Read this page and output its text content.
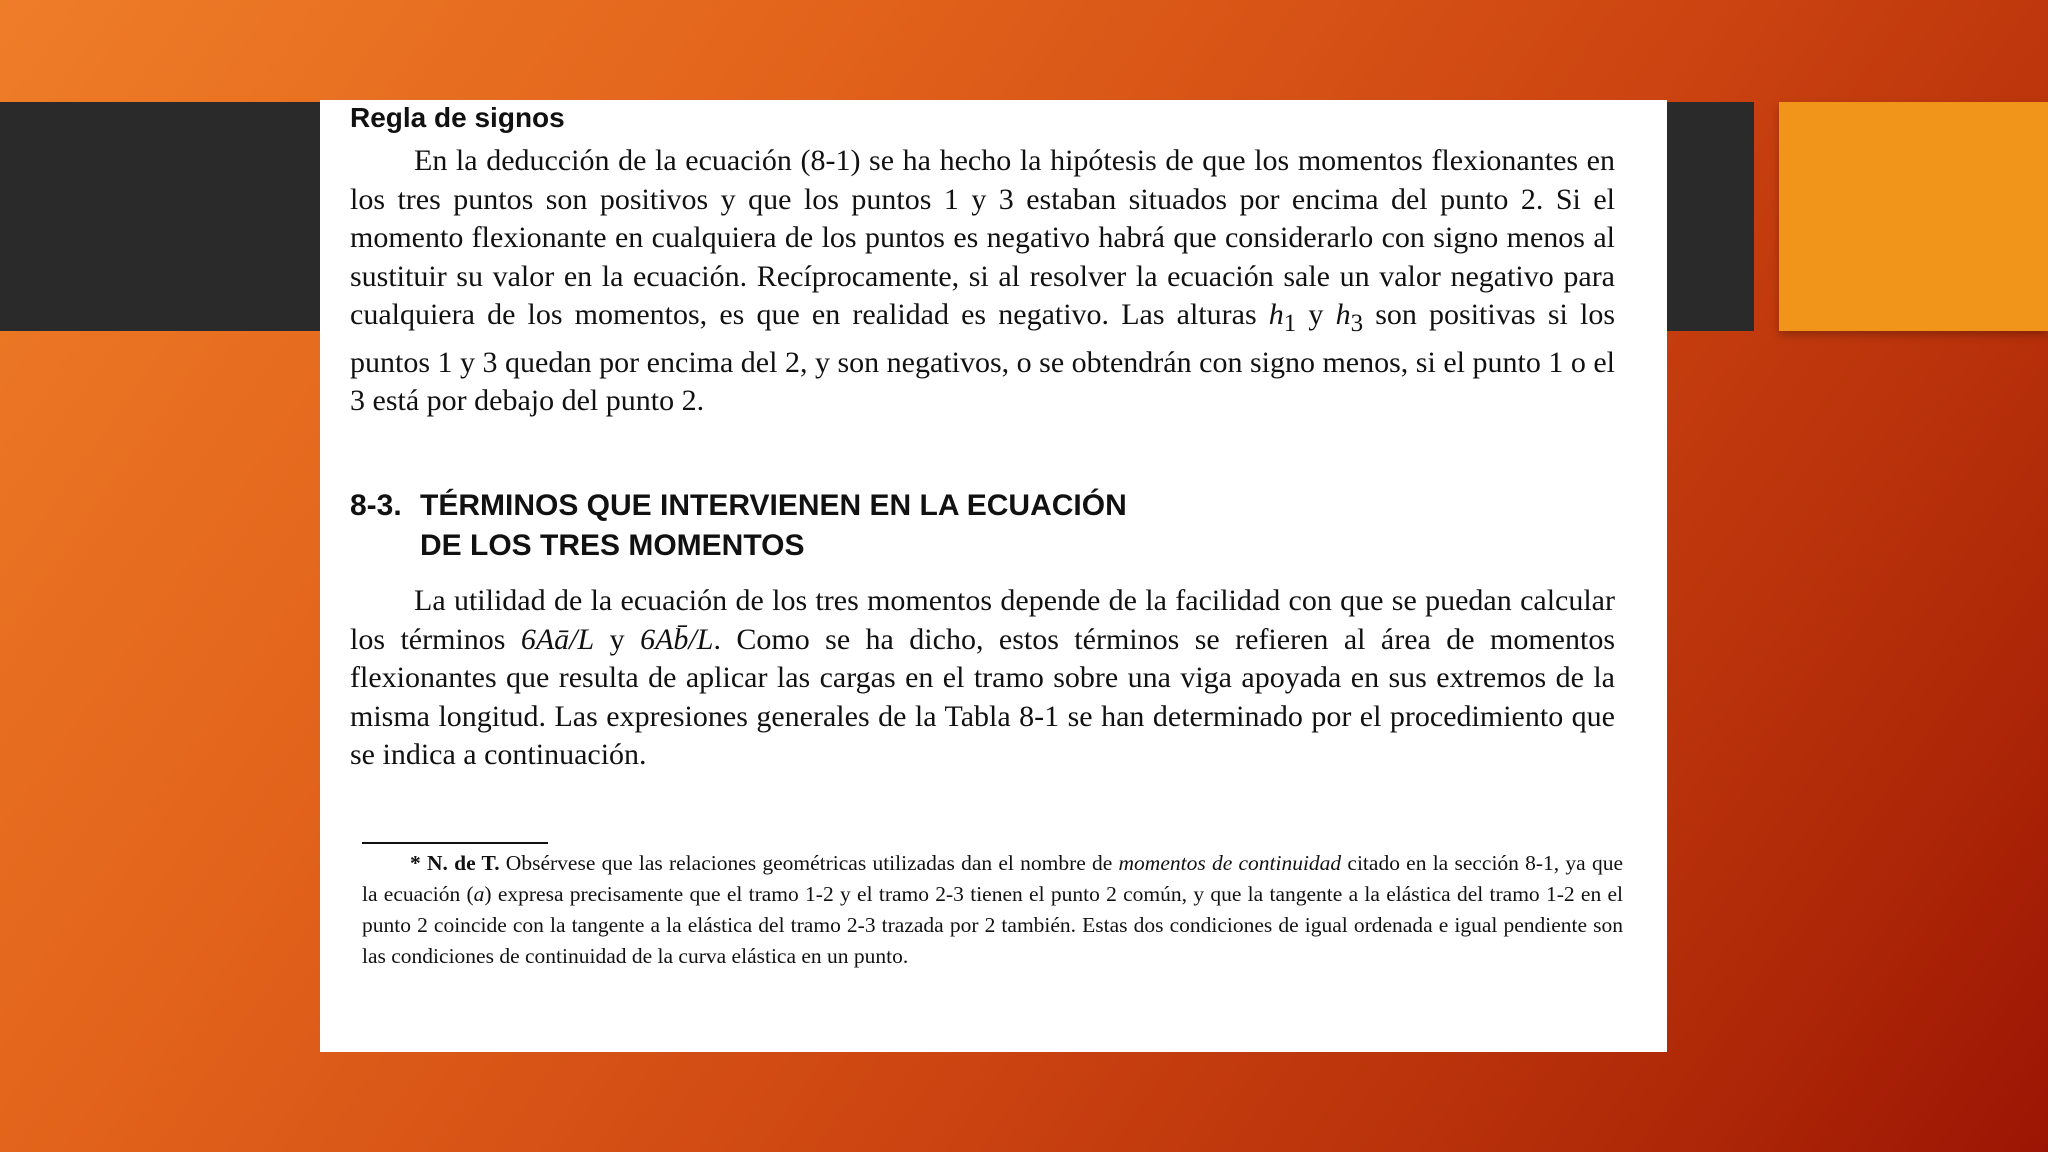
Regla de signos

En la deducción de la ecuación (8-1) se ha hecho la hipótesis de que los momentos flexionantes en los tres puntos son positivos y que los puntos 1 y 3 estaban situados por encima del punto 2. Si el momento flexionante en cualquiera de los puntos es negativo habrá que considerarlo con signo menos al sustituir su valor en la ecuación. Recíprocamente, si al resolver la ecuación sale un valor negativo para cualquiera de los momentos, es que en realidad es negativo. Las alturas $h_1$ y $h_3$ son positivas si los puntos 1 y 3 quedan por encima del 2, y son negativos, o se obtendrán con signo menos, si el punto 1 o el 3 está por debajo del punto 2.

8-3. TÉRMINOS QUE INTERVIENEN EN LA ECUACIÓN
DE LOS TRES MOMENTOS

La utilidad de la ecuación de los tres momentos depende de la facilidad con que se puedan calcular los términos 6Aā/L y 6Ab̄/L. Como se ha dicho, estos términos se refieren al área de momentos flexionantes que resulta de aplicar las cargas en el tramo sobre una viga apoyada en sus extremos de la misma longitud. Las expresiones generales de la Tabla 8-1 se han determinado por el procedimiento que se indica a continuación.

* N. de T. Obsérvese que las relaciones geométricas utilizadas dan el nombre de momentos de continuidad citado en la sección 8-1, ya que la ecuación (a) expresa precisamente que el tramo 1-2 y el tramo 2-3 tienen el punto 2 común, y que la tangente a la elástica del tramo 1-2 en el punto 2 coincide con la tangente a la elástica del tramo 2-3 trazada por 2 también. Estas dos condiciones de igual ordenada e igual pendiente son las condiciones de continuidad de la curva elástica en un punto.
